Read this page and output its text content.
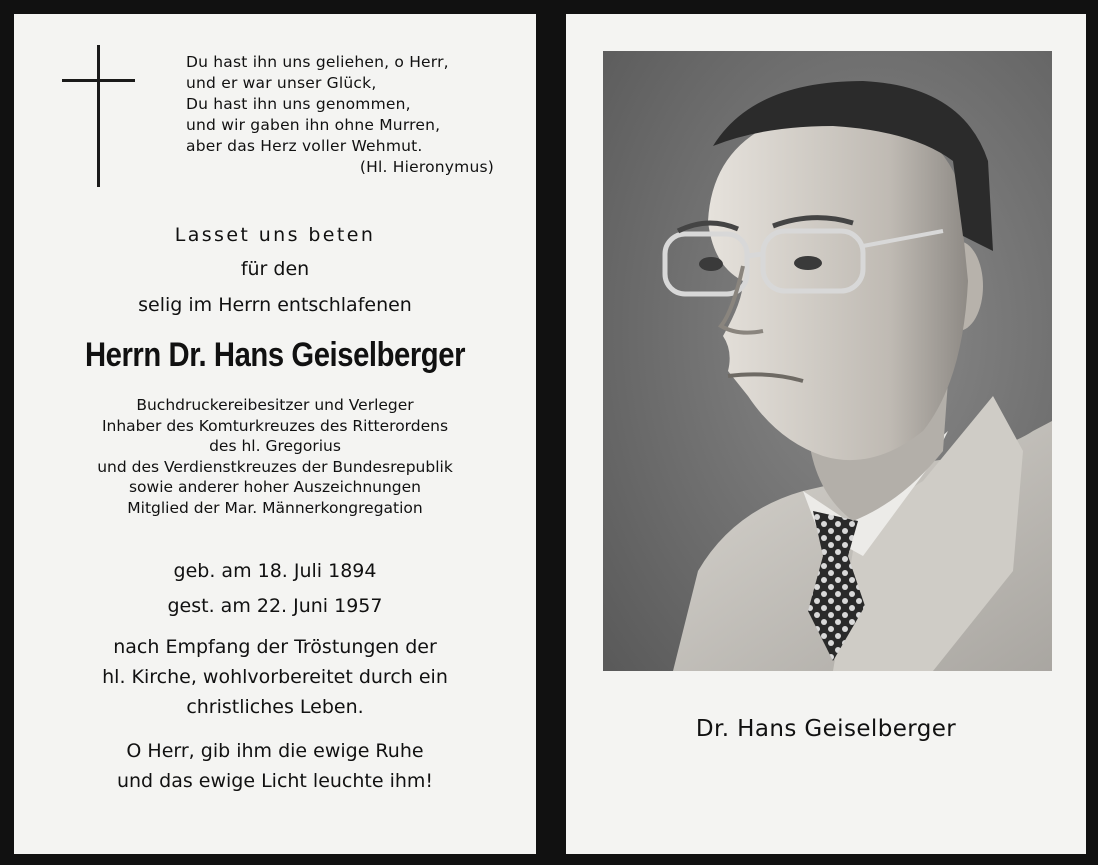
Du hast ihn uns geliehen, o Herr,
und er war unser Glück,
Du hast ihn uns genommen,
und wir gaben ihn ohne Murren,
aber das Herz voller Wehmut.
(Hl. Hieronymus)
Lasset uns beten
für den
selig im Herrn entschlafenen
Herrn Dr. Hans Geiselberger
Buchdruckereibesitzer und Verleger
Inhaber des Komturkreuzes des Ritterordens
des hl. Gregorius
und des Verdienstkreuzes der Bundesrepublik
sowie anderer hoher Auszeichnungen
Mitglied der Mar. Männerkongregation
geb. am 18. Juli 1894
gest. am 22. Juni 1957
nach Empfang der Tröstungen der
hl. Kirche, wohlvorbereitet durch ein
christliches Leben.
O Herr, gib ihm die ewige Ruhe
und das ewige Licht leuchte ihm!
Dr. Hans Geiselberger
